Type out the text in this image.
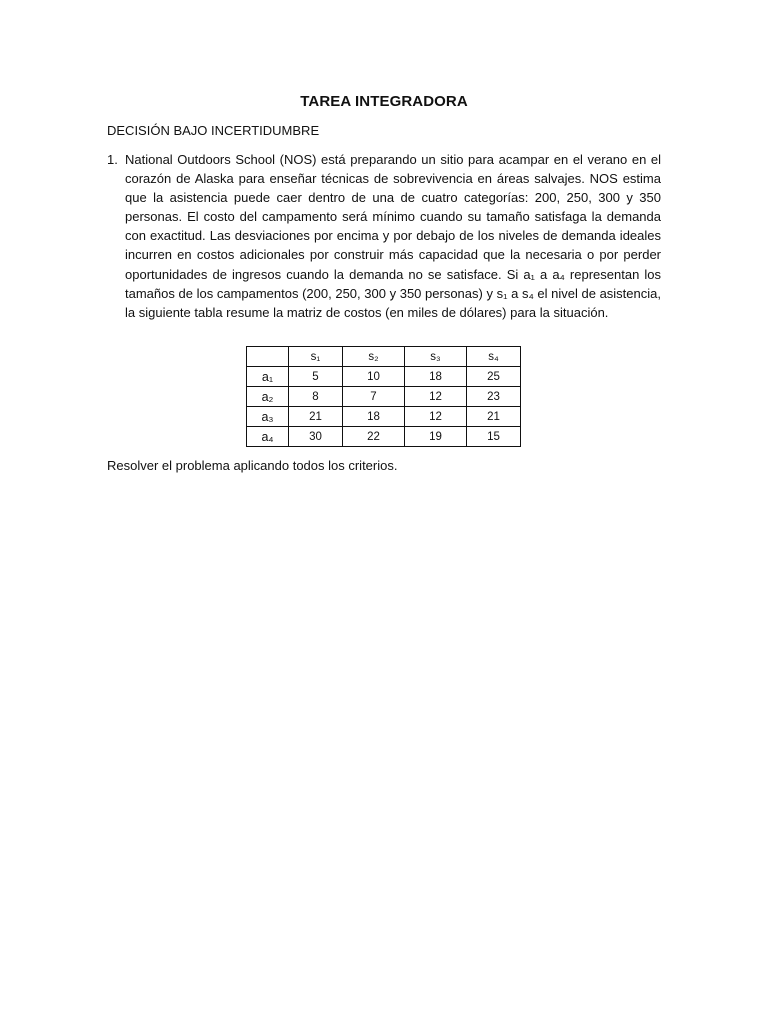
TAREA INTEGRADORA
DECISIÓN BAJO INCERTIDUMBRE
1. National Outdoors School (NOS) está preparando un sitio para acampar en el verano en el corazón de Alaska para enseñar técnicas de sobrevivencia en áreas salvajes. NOS estima que la asistencia puede caer dentro de una de cuatro categorías: 200, 250, 300 y 350 personas. El costo del campamento será mínimo cuando su tamaño satisfaga la demanda con exactitud. Las desviaciones por encima y por debajo de los niveles de demanda ideales incurren en costos adicionales por construir más capacidad que la necesaria o por perder oportunidades de ingresos cuando la demanda no se satisface. Si a₁ a a₄ representan los tamaños de los campamentos (200, 250, 300 y 350 personas) y s₁ a s₄ el nivel de asistencia, la siguiente tabla resume la matriz de costos (en miles de dólares) para la situación.
	s₁	s₂	s₃	s₄
a₁	5	10	18	25
a₂	8	7	12	23
a₃	21	18	12	21
a₄	30	22	19	15
Resolver el problema aplicando todos los criterios.
